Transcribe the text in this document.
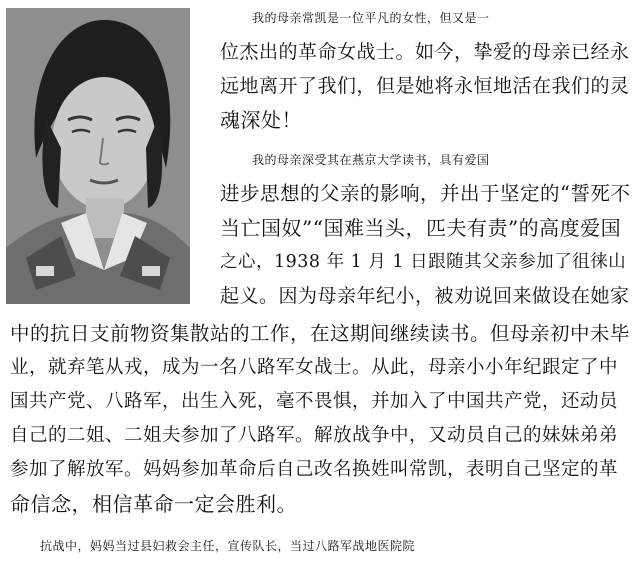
我的母亲常凯是一位平凡的女性，但又是一
位杰出的革命女战士。如今，挚爱的母亲已经永
远地离开了我们，但是她将永恒地活在我们的灵
魂深处！
我的母亲深受其在燕京大学读书，具有爱国
进步思想的父亲的影响，并出于坚定的“誓死不
当亡国奴”“国难当头，匹夫有责”的高度爱国
之心，1938 年 1 月 1 日跟随其父亲参加了徂徕山
起义。因为母亲年纪小，被劝说回来做设在她家
中的抗日支前物资集散站的工作，在这期间继续读书。但母亲初中未毕
业，就弃笔从戎，成为一名八路军女战士。从此，母亲小小年纪跟定了中
国共产党、八路军，出生入死，毫不畏惧，并加入了中国共产党，还动员
自己的二姐、二姐夫参加了八路军。解放战争中，又动员自己的妹妹弟弟
参加了解放军。妈妈参加革命后自己改名换姓叫常凯，表明自己坚定的革
命信念，相信革命一定会胜利。
抗战中，妈妈当过县妇救会主任，宣传队长，当过八路军战地医院院
